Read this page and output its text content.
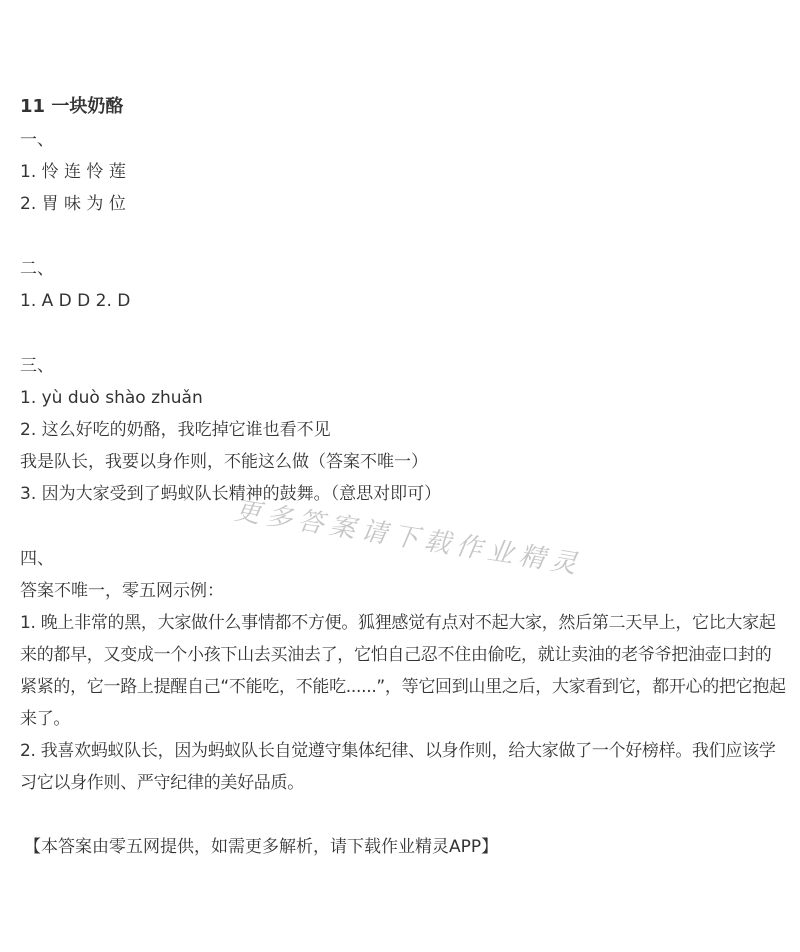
11 一块奶酪
一、
1. 怜 连 怜 莲
2. 胃 味 为 位
二、
1. A D D 2. D
三、
1. yù duò shào zhuǎn
2. 这么好吃的奶酪，我吃掉它谁也看不见
我是队长，我要以身作则，不能这么做（答案不唯一）
3. 因为大家受到了蚂蚁队长精神的鼓舞。（意思对即可）
四、
答案不唯一，零五网示例：
1. 晚上非常的黑，大家做什么事情都不方便。狐狸感觉有点对不起大家，然后第二天早上，它比大家起来的都早，又变成一个小孩下山去买油去了，它怕自己忍不住由偷吃，就让卖油的老爷爷把油壶口封的紧紧的，它一路上提醒自己“不能吃，不能吃......”，等它回到山里之后，大家看到它，都开心的把它抱起来了。
2. 我喜欢蚂蚁队长，因为蚂蚁队长自觉遵守集体纪律、以身作则，给大家做了一个好榜样。我们应该学习它以身作则、严守纪律的美好品质。
【本答案由零五网提供，如需更多解析，请下载作业精灵APP】
更多答案请下载作业精灵
